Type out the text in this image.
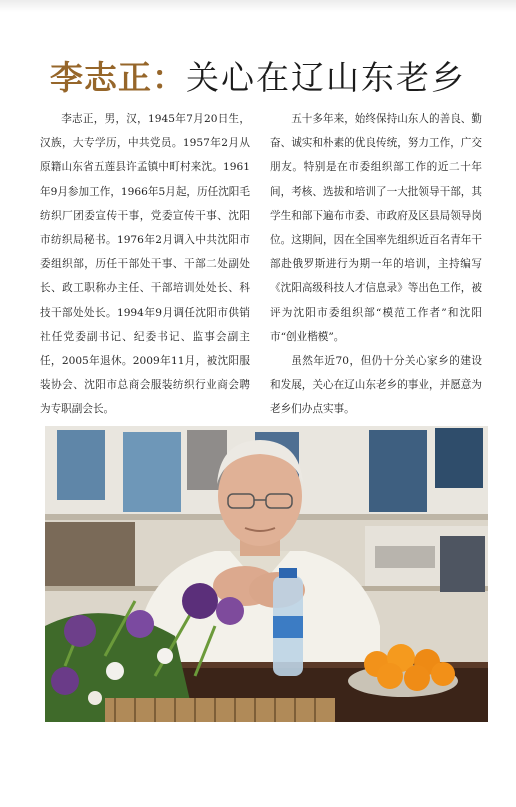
李志正：关心在辽山东老乡

李志正，男，汉，1945年7月20日生，汉族，大专学历，中共党员。1957年2月从原籍山东省五莲县许孟镇中町村来沈。1961年9月参加工作，1966年5月起，历任沈阳毛纺织厂团委宣传干事，党委宣传干事、沈阳市纺织局秘书。1976年2月调入中共沈阳市委组织部，历任干部处干事、干部二处副处长、政工职称办主任、干部培训处处长、科技干部处处长。1994年9月调任沈阳市供销社任党委副书记、纪委书记、监事会副主任，2005年退休。2009年11月，被沈阳服装协会、沈阳市总商会服装纺织行业商会聘为专职副会长。

五十多年来，始终保持山东人的善良、勤奋、诚实和朴素的优良传统，努力工作，广交朋友。特别是在市委组织部工作的近二十年间，考核、选拔和培训了一大批领导干部，其学生和部下遍布市委、市政府及区县局领导岗位。这期间，因在全国率先组织近百名青年干部赴俄罗斯进行为期一年的培训，主持编写《沈阳高级科技人才信息录》等出色工作，被评为沈阳市委组织部“模范工作者”和沈阳市“创业楷模”。

虽然年近70，但仍十分关心家乡的建设和发展，关心在辽山东老乡的事业，并愿意为老乡们办点实事。
